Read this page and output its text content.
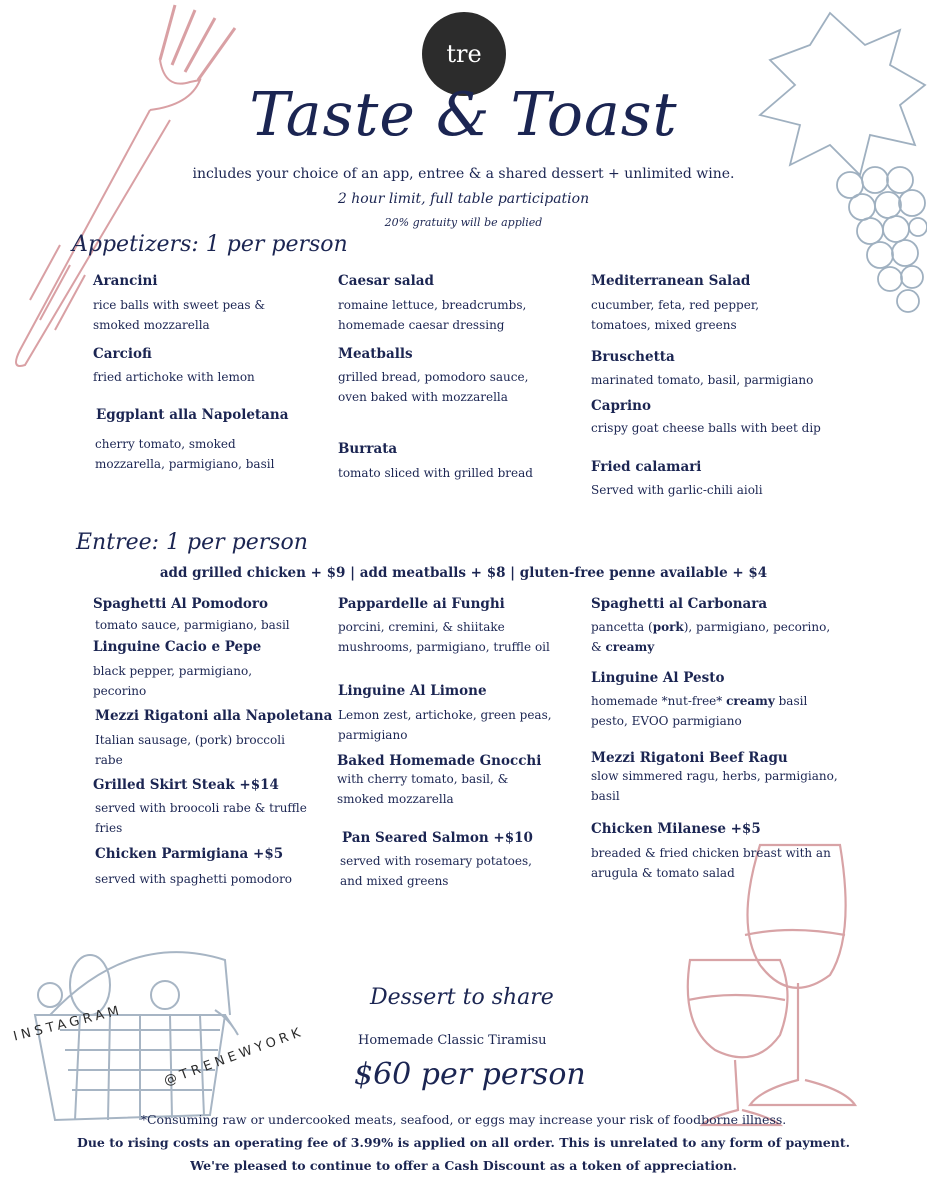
tre
Taste & Toast
includes your choice of an app, entree & a shared dessert + unlimited wine.
2 hour limit, full table participation
20% gratuity will be applied
Appetizers: 1 per person
Arancini
rice balls with sweet peas & smoked mozzarella
Carciofi
fried artichoke with lemon
Eggplant alla Napoletana
cherry tomato, smoked mozzarella, parmigiano, basil
Caesar salad
romaine lettuce, breadcrumbs, homemade caesar dressing
Meatballs
grilled bread, pomodoro sauce, oven baked with mozzarella
Burrata
tomato sliced with grilled bread
Mediterranean Salad
cucumber, feta, red pepper, tomatoes, mixed greens
Bruschetta
marinated tomato, basil, parmigiano
Caprino
crispy goat cheese balls with beet dip
Fried calamari
Served with garlic-chili aioli
Entree: 1 per person
add grilled chicken + $9 | add meatballs + $8 | gluten-free penne available + $4
Spaghetti Al Pomodoro
tomato sauce, parmigiano, basil
Linguine Cacio e Pepe
black pepper, parmigiano, pecorino
Mezzi Rigatoni alla Napoletana
Italian sausage, (pork) broccoli rabe
Grilled Skirt Steak +$14
served with broocoli rabe & truffle fries
Chicken Parmigiana +$5
served with spaghetti pomodoro
Pappardelle ai Funghi
porcini, cremini, & shiitake mushrooms, parmigiano, truffle oil
Linguine Al Limone
Lemon zest, artichoke, green peas, parmigiano
Baked Homemade Gnocchi
with cherry tomato, basil, & smoked mozzarella
Pan Seared Salmon +$10
served with rosemary potatoes, and mixed greens
Spaghetti al Carbonara
pancetta (pork), parmigiano, pecorino, & creamy
Linguine Al Pesto
homemade *nut-free* creamy basil pesto, EVOO parmigiano
Mezzi Rigatoni Beef Ragu
slow simmered ragu, herbs, parmigiano, basil
Chicken Milanese +$5
breaded & fried chicken breast with an arugula & tomato salad
Dessert to share
Homemade Classic Tiramisu
$60 per person
INSTAGRAM
@TRENEWYORK
*Consuming raw or undercooked meats, seafood, or eggs may increase your risk of foodborne illness.
Due to rising costs an operating fee of 3.99% is applied on all order. This is unrelated to any form of payment.
We're pleased to continue to offer a Cash Discount as a token of appreciation.
